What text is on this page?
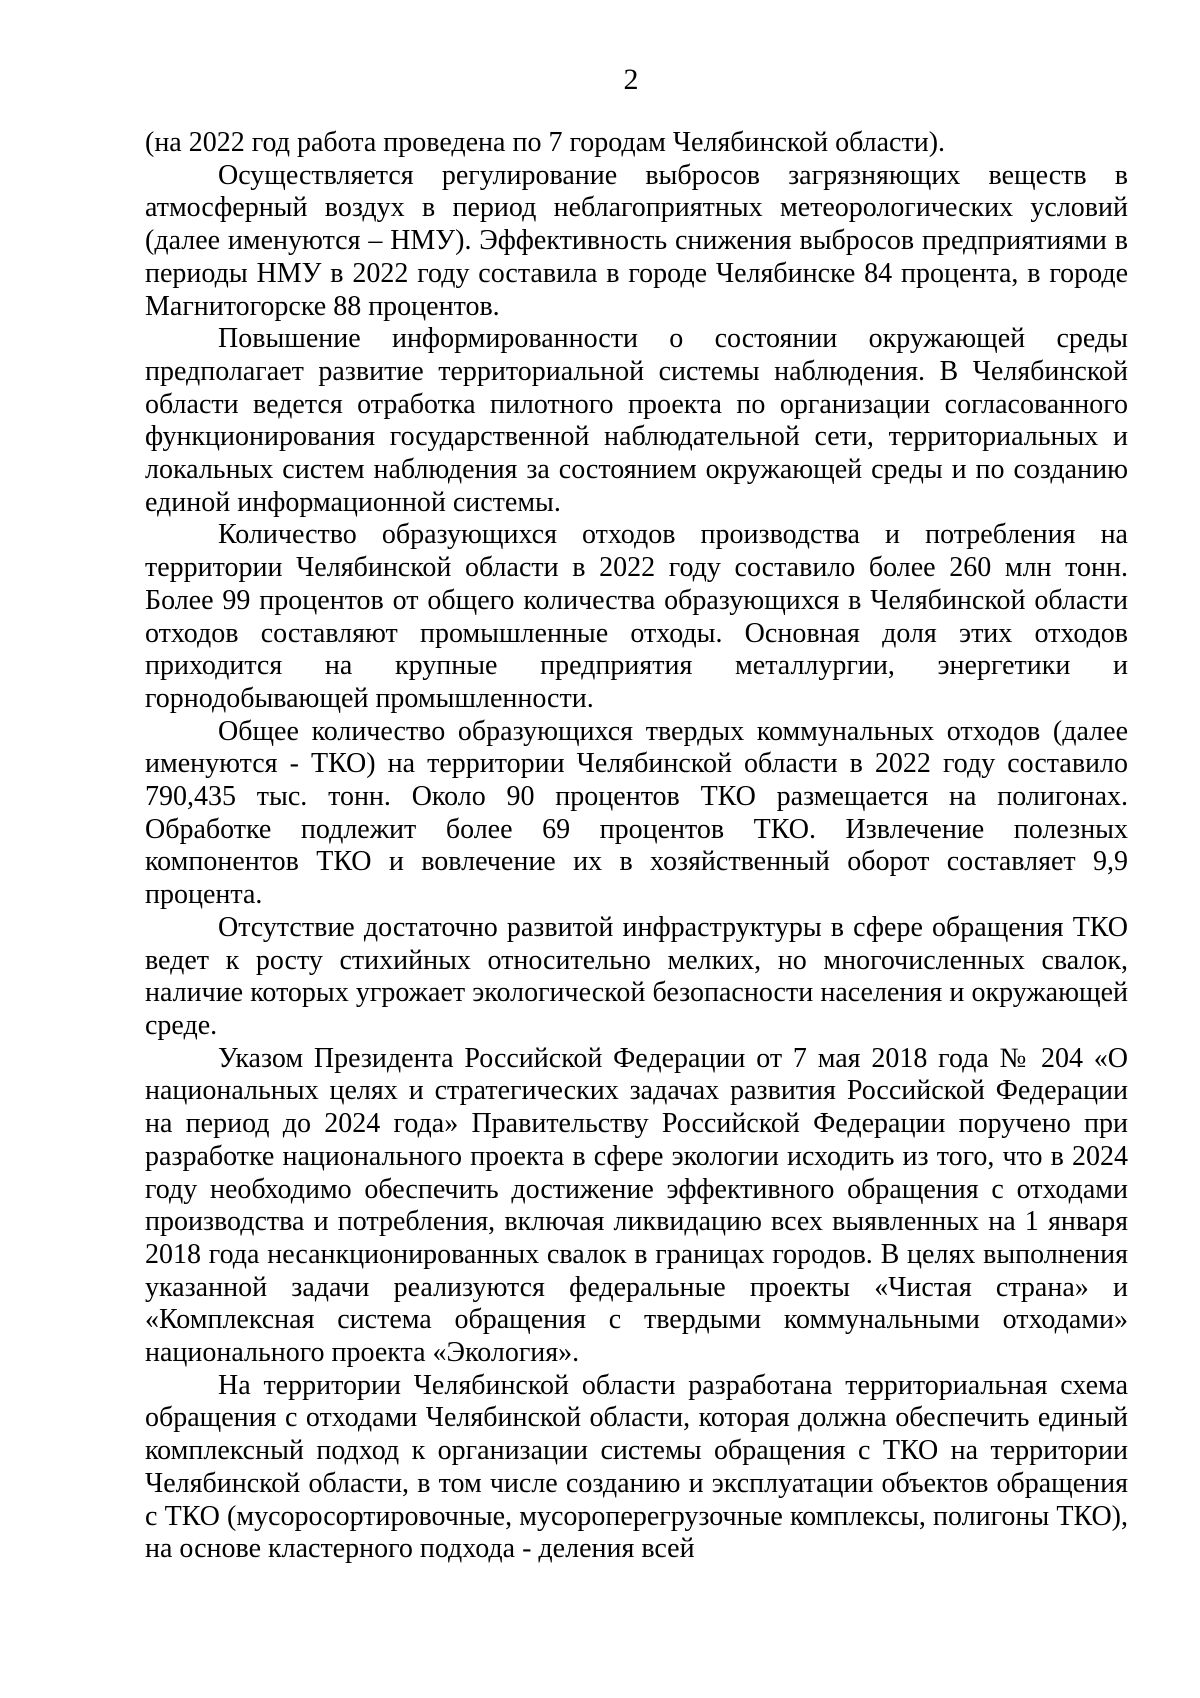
2

(на 2022 год работа проведена по 7 городам Челябинской области).

Осуществляется регулирование выбросов загрязняющих веществ в атмосферный воздух в период неблагоприятных метеорологических условий (далее именуются – НМУ). Эффективность снижения выбросов предприятиями в периоды НМУ в 2022 году составила в городе Челябинске 84 процента, в городе Магнитогорске 88 процентов.

Повышение информированности о состоянии окружающей среды предполагает развитие территориальной системы наблюдения. В Челябинской области ведется отработка пилотного проекта по организации согласованного функционирования государственной наблюдательной сети, территориальных и локальных систем наблюдения за состоянием окружающей среды и по созданию единой информационной системы.

Количество образующихся отходов производства и потребления на территории Челябинской области в 2022 году составило более 260 млн тонн. Более 99 процентов от общего количества образующихся в Челябинской области отходов составляют промышленные отходы. Основная доля этих отходов приходится на крупные предприятия металлургии, энергетики и горнодобывающей промышленности.

Общее количество образующихся твердых коммунальных отходов (далее именуются - ТКО) на территории Челябинской области в 2022 году составило 790,435 тыс. тонн. Около 90 процентов ТКО размещается на полигонах. Обработке подлежит более 69 процентов ТКО. Извлечение полезных компонентов ТКО и вовлечение их в хозяйственный оборот составляет 9,9 процента.

Отсутствие достаточно развитой инфраструктуры в сфере обращения ТКО ведет к росту стихийных относительно мелких, но многочисленных свалок, наличие которых угрожает экологической безопасности населения и окружающей среде.

Указом Президента Российской Федерации от 7 мая 2018 года № 204 «О национальных целях и стратегических задачах развития Российской Федерации на период до 2024 года» Правительству Российской Федерации поручено при разработке национального проекта в сфере экологии исходить из того, что в 2024 году необходимо обеспечить достижение эффективного обращения с отходами производства и потребления, включая ликвидацию всех выявленных на 1 января 2018 года несанкционированных свалок в границах городов. В целях выполнения указанной задачи реализуются федеральные проекты «Чистая страна» и «Комплексная система обращения с твердыми коммунальными отходами» национального проекта «Экология».

На территории Челябинской области разработана территориальная схема обращения с отходами Челябинской области, которая должна обеспечить единый комплексный подход к организации системы обращения с ТКО на территории Челябинской области, в том числе созданию и эксплуатации объектов обращения с ТКО (мусоросортировочные, мусороперегрузочные комплексы, полигоны ТКО), на основе кластерного подхода - деления всей
